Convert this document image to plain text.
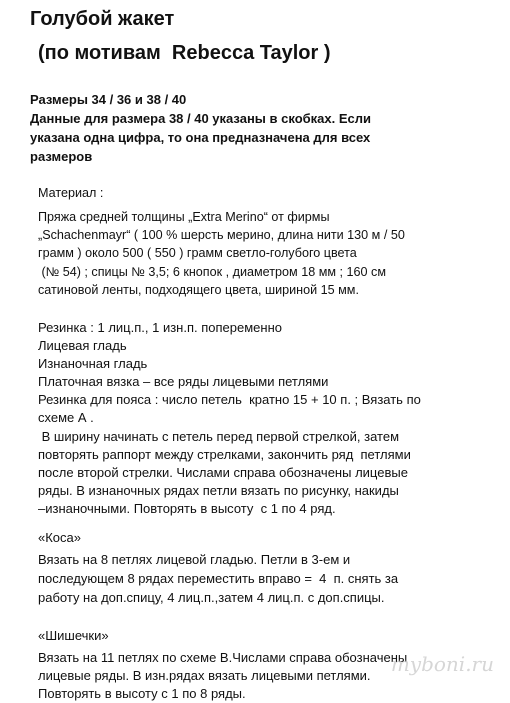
Голубой жакет
(по мотивам  Rebecca Taylor )
Размеры 34 / 36 и 38 / 40
Данные для размера 38 / 40 указаны в скобках. Если
указана одна цифра, то она предназначена для всех
размеров
Материал :
Пряжа средней толщины „Extra Merino“ от фирмы
„Schachenmayr“ ( 100 % шерсть мерино, длина нити 130 м / 50
грамм ) около 500 ( 550 ) грамм светло-голубого цвета
(№ 54) ; спицы № 3,5; 6 кнопок , диаметром 18 мм ; 160 см
сатиновой ленты, подходящего цвета, шириной 15 мм.
Резинка : 1 лиц.п., 1 изн.п. попеременно
Лицевая гладь
Изнаночная гладь
Платочная вязка – все ряды лицевыми петлями
Резинка для пояса : число петель  кратно 15 + 10 п. ; Вязать по
схеме А .
В ширину начинать с петель перед первой стрелкой, затем
повторять раппорт между стрелками, закончить ряд  петлями
после второй стрелки. Числами справа обозначены лицевые
ряды. В изнаночных рядах петли вязать по рисунку, накиды
–изнаночными. Повторять в высоту  с 1 по 4 ряд.
«Коса»
Вязать на 8 петлях лицевой гладью. Петли в 3-ем и
последующем 8 рядах переместить вправо =  4  п. снять за
работу на доп.спицу, 4 лиц.п.,затем 4 лиц.п. с доп.спицы.
«Шишечки»
Вязать на 11 петлях по схеме В.Числами справа обозначены
лицевые ряды. В изн.рядах вязать лицевыми петлями.
Повторять в высоту с 1 по 8 ряды.
myboni.ru
